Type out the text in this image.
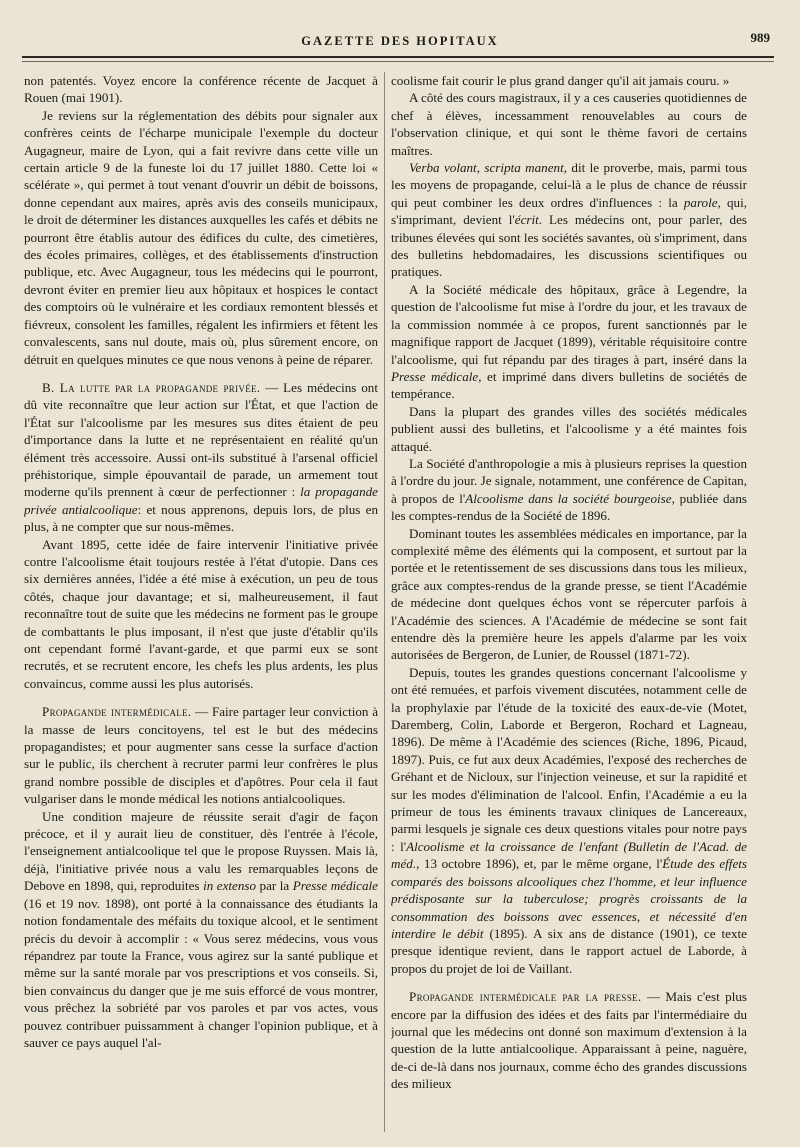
GAZETTE DES HOPITAUX	989

non patentés. Voyez encore la conférence récente de Jacquet à Rouen (mai 1901).

Je reviens sur la réglementation des débits pour signaler aux confrères ceints de l'écharpe municipale l'exemple du docteur Augagneur, maire de Lyon, qui a fait revivre dans cette ville un certain article 9 de la funeste loi du 17 juillet 1880. Cette loi « scélérate », qui permet à tout venant d'ouvrir un débit de boissons, donne cependant aux maires, après avis des conseils municipaux, le droit de déterminer les distances auxquelles les cafés et débits ne pourront être établis autour des édifices du culte, des cimetières, des écoles primaires, collèges, et des établissements d'instruction publique, etc. Avec Augagneur, tous les médecins qui le pourront, devront éviter en premier lieu aux hôpitaux et hospices le contact des comptoirs où le vulnéraire et les cordiaux remontent blessés et fiévreux, consolent les familles, régalent les infirmiers et fêtent les convalescents, sans nul doute, mais où, plus sûrement encore, on détruit en quelques minutes ce que nous venons à peine de réparer.

B. La lutte par la propagande privée. — Les médecins ont dû vite reconnaître que leur action sur l'État, et que l'action de l'État sur l'alcoolisme par les mesures sus dites étaient de peu d'importance dans la lutte et ne représentaient en réalité qu'un élément très accessoire. Aussi ont-ils substitué à l'arsenal officiel préhistorique, simple épouvantail de parade, un armement tout moderne qu'ils prennent à cœur de perfectionner : la propagande privée antialcoolique: et nous apprenons, depuis lors, de plus en plus, à ne compter que sur nous-mêmes.

Avant 1895, cette idée de faire intervenir l'initiative privée contre l'alcoolisme était toujours restée à l'état d'utopie. Dans ces six dernières années, l'idée a été mise à exécution, un peu de tous côtés, chaque jour davantage; et si, malheureusement, il faut reconnaître tout de suite que les médecins ne forment pas le groupe de combattants le plus imposant, il n'est que juste d'établir qu'ils ont cependant formé l'avant-garde, et que parmi eux se sont recrutés, et se recrutent encore, les chefs les plus ardents, les plus convaincus, comme aussi les plus autorisés.

Propagande intermédicale. — Faire partager leur conviction à la masse de leurs concitoyens, tel est le but des médecins propagandistes; et pour augmenter sans cesse la surface d'action sur le public, ils cherchent à recruter parmi leur confrères le plus grand nombre possible de disciples et d'apôtres. Pour cela il faut vulgariser dans le monde médical les notions antialcooliques.

Une condition majeure de réussite serait d'agir de façon précoce, et il y aurait lieu de constituer, dès l'entrée à l'école, l'enseignement antialcoolique tel que le propose Ruyssen. Mais là, déjà, l'initiative privée nous a valu les remarquables leçons de Debove en 1898, qui, reproduites in extenso par la Presse médicale (16 et 19 nov. 1898), ont porté à la connaissance des étudiants la notion fondamentale des méfaits du toxique alcool, et le sentiment précis du devoir à accomplir : « Vous serez médecins, vous vous répandrez par toute la France, vous agirez sur la santé publique et même sur la santé morale par vos prescriptions et vos conseils. Si, bien convaincus du danger que je me suis efforcé de vous montrer, vous prêchez la sobriété par vos paroles et par vos actes, vous pouvez contribuer puissamment à changer l'opinion publique, et à sauver ce pays auquel l'al-

coolisme fait courir le plus grand danger qu'il ait jamais couru. »

A côté des cours magistraux, il y a ces causeries quotidiennes de chef à élèves, incessamment renouvelables au cours de l'observation clinique, et qui sont le thème favori de certains maîtres.

Verba volant, scripta manent, dit le proverbe, mais, parmi tous les moyens de propagande, celui-là a le plus de chance de réussir qui peut combiner les deux ordres d'influences : la parole, qui, s'imprimant, devient l'écrit. Les médecins ont, pour parler, des tribunes élevées qui sont les sociétés savantes, où s'impriment, dans des bulletins hebdomadaires, les discussions scientifiques ou pratiques.

A la Société médicale des hôpitaux, grâce à Legendre, la question de l'alcoolisme fut mise à l'ordre du jour, et les travaux de la commission nommée à ce propos, furent sanctionnés par le magnifique rapport de Jacquet (1899), véritable réquisitoire contre l'alcoolisme, qui fut répandu par des tirages à part, inséré dans la Presse médicale, et imprimé dans divers bulletins de sociétés de tempérance.

Dans la plupart des grandes villes des sociétés médicales publient aussi des bulletins, et l'alcoolisme y a été maintes fois attaqué.

La Société d'anthropologie a mis à plusieurs reprises la question à l'ordre du jour. Je signale, notamment, une conférence de Capitan, à propos de l'Alcoolisme dans la société bourgeoise, publiée dans les comptes-rendus de la Société de 1896.

Dominant toutes les assemblées médicales en importance, par la complexité même des éléments qui la composent, et surtout par la portée et le retentissement de ses discussions dans tous les milieux, grâce aux comptes-rendus de la grande presse, se tient l'Académie de médecine dont quelques échos vont se répercuter parfois à l'Académie des sciences. A l'Académie de médecine se sont fait entendre dès la première heure les appels d'alarme par les voix autorisées de Bergeron, de Lunier, de Roussel (1871-72).

Depuis, toutes les grandes questions concernant l'alcoolisme y ont été remuées, et parfois vivement discutées, notamment celle de la prophylaxie par l'étude de la toxicité des eaux-de-vie (Motet, Daremberg, Colin, Laborde et Bergeron, Rochard et Lagneau, 1896). De même à l'Académie des sciences (Riche, 1896, Picaud, 1897). Puis, ce fut aux deux Académies, l'exposé des recherches de Gréhant et de Nicloux, sur l'injection veineuse, et sur la rapidité et sur les modes d'élimination de l'alcool. Enfin, l'Académie a eu la primeur de tous les éminents travaux cliniques de Lancereaux, parmi lesquels je signale ces deux questions vitales pour notre pays : l'Alcoolisme et la croissance de l'enfant (Bulletin de l'Acad. de méd., 13 octobre 1896), et, par le même organe, l'Étude des effets comparés des boissons alcooliques chez l'homme, et leur influence prédisposante sur la tuberculose; progrès croissants de la consommation des boissons avec essences, et nécessité d'en interdire le débit (1895). A six ans de distance (1901), ce texte presque identique revient, dans le rapport actuel de Laborde, à propos du projet de loi de Vaillant.

Propagande intermédicale par la presse. — Mais c'est plus encore par la diffusion des idées et des faits par l'intermédiaire du journal que les médecins ont donné son maximum d'extension à la question de la lutte antialcoolique. Apparaissant à peine, naguère, de-ci de-là dans nos journaux, comme écho des grandes discussions des milieux
